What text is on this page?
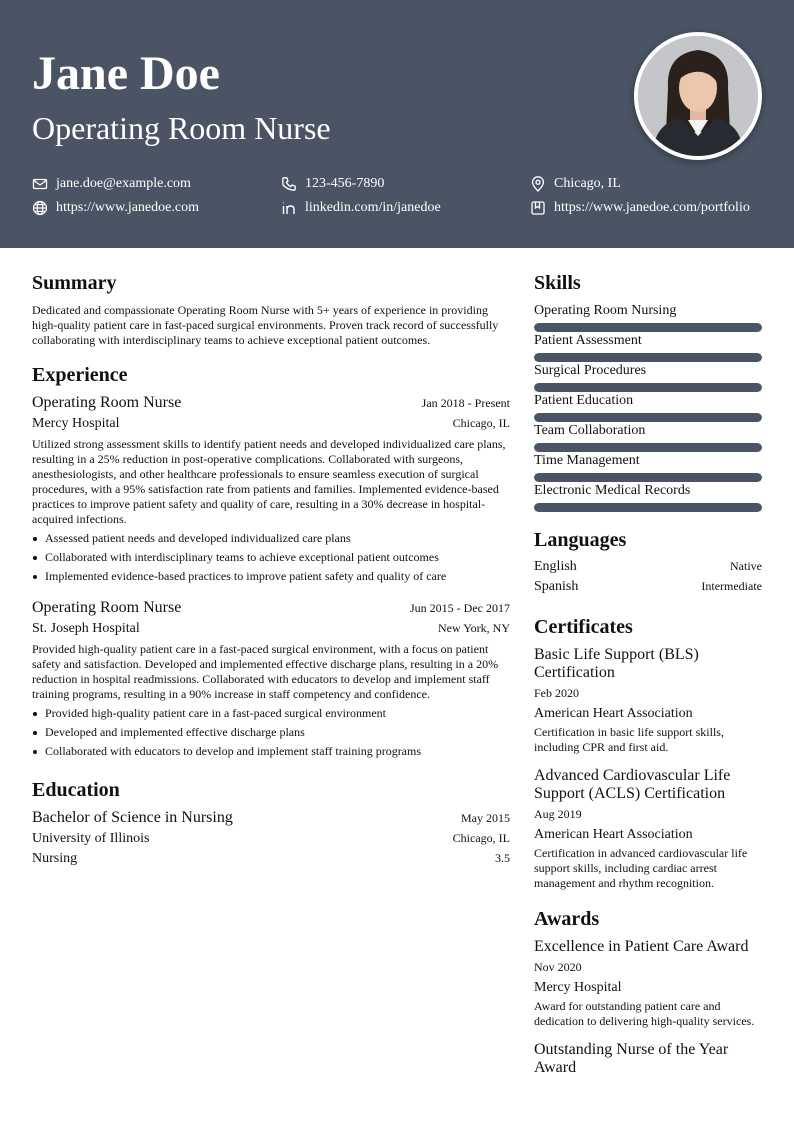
Jane Doe
Operating Room Nurse
jane.doe@example.com	123-456-7890	Chicago, IL
https://www.janedoe.com	linkedin.com/in/janedoe	https://www.janedoe.com/portfolio
Summary
Dedicated and compassionate Operating Room Nurse with 5+ years of experience in providing
high-quality patient care in fast-paced surgical environments. Proven track record of successfully
collaborating with interdisciplinary teams to achieve exceptional patient outcomes.
Experience
Operating Room Nurse	Jan 2018 - Present
Mercy Hospital	Chicago, IL
Utilized strong assessment skills to identify patient needs and developed individualized care plans,
resulting in a 25% reduction in post-operative complications. Collaborated with surgeons,
anesthesiologists, and other healthcare professionals to ensure seamless execution of surgical
procedures, with a 95% satisfaction rate from patients and families. Implemented evidence-based
practices to improve patient safety and quality of care, resulting in a 30% decrease in hospital-
acquired infections.
Assessed patient needs and developed individualized care plans
Collaborated with interdisciplinary teams to achieve exceptional patient outcomes
Implemented evidence-based practices to improve patient safety and quality of care
Operating Room Nurse	Jun 2015 - Dec 2017
St. Joseph Hospital	New York, NY
Provided high-quality patient care in a fast-paced surgical environment, with a focus on patient
safety and satisfaction. Developed and implemented effective discharge plans, resulting in a 20%
reduction in hospital readmissions. Collaborated with educators to develop and implement staff
training programs, resulting in a 90% increase in staff competency and confidence.
Provided high-quality patient care in a fast-paced surgical environment
Developed and implemented effective discharge plans
Collaborated with educators to develop and implement staff training programs
Education
Bachelor of Science in Nursing	May 2015
University of Illinois	Chicago, IL
Nursing	3.5
Skills
Operating Room Nursing
Patient Assessment
Surgical Procedures
Patient Education
Team Collaboration
Time Management
Electronic Medical Records
Languages
English	Native
Spanish	Intermediate
Certificates
Basic Life Support (BLS)
Certification
Feb 2020
American Heart Association
Certification in basic life support skills,
including CPR and first aid.
Advanced Cardiovascular Life
Support (ACLS) Certification
Aug 2019
American Heart Association
Certification in advanced cardiovascular life
support skills, including cardiac arrest
management and rhythm recognition.
Awards
Excellence in Patient Care Award
Nov 2020
Mercy Hospital
Award for outstanding patient care and
dedication to delivering high-quality services.
Outstanding Nurse of the Year
Award
